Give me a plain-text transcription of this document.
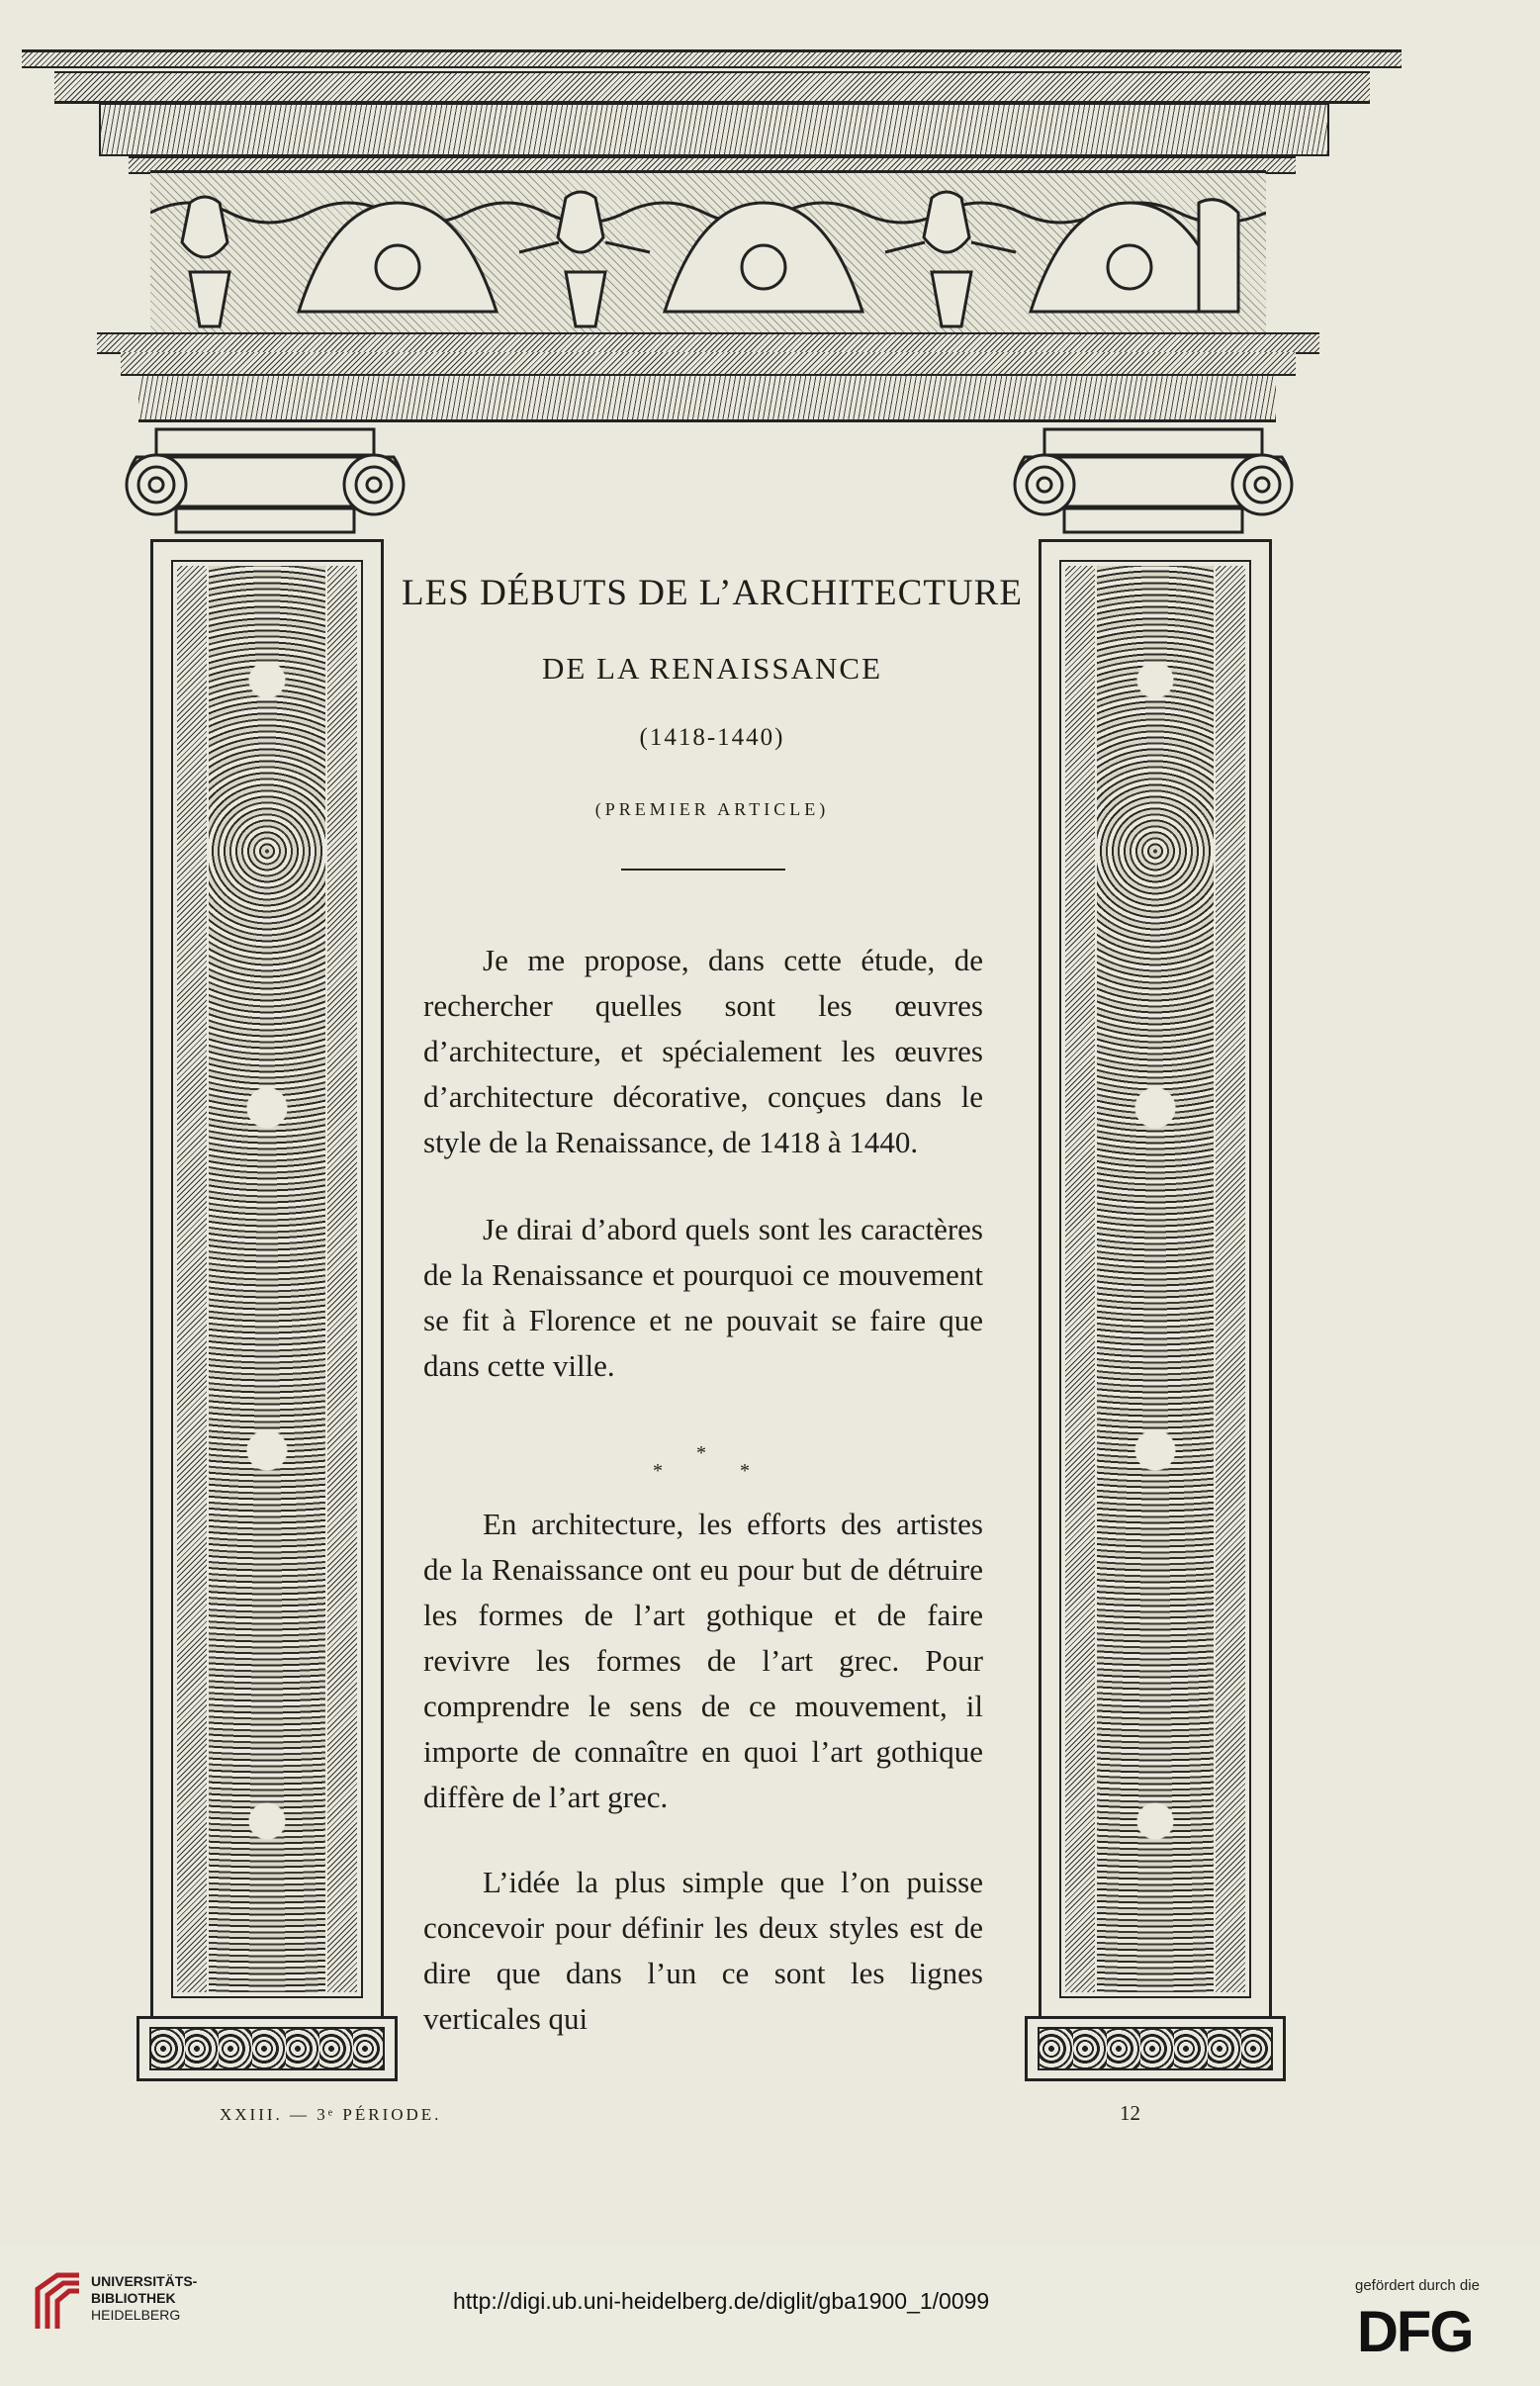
LES DÉBUTS DE L’ARCHITECTURE
DE LA RENAISSANCE
(1418-1440)
(PREMIER ARTICLE)

Je me propose, dans cette étude, de rechercher quelles sont les œuvres d’architecture, et spécialement les œuvres d’architecture décorative, conçues dans le style de la Renaissance, de 1418 à 1440.

Je dirai d’abord quels sont les caractères de la Renaissance et pourquoi ce mouvement se fit à Florence et ne pouvait se faire que dans cette ville.

*
*	*

En architecture, les efforts des artistes de la Renaissance ont eu pour but de détruire les formes de l’art gothique et de faire revivre les formes de l’art grec. Pour comprendre le sens de ce mouvement, il importe de connaître en quoi l’art gothique diffère de l’art grec.

L’idée la plus simple que l’on puisse concevoir pour définir les deux styles est de dire que dans l’un ce sont les lignes verticales qui

XXIII. — 3ᵉ PÉRIODE.	12
UNIVERSITÄTS-
BIBLIOTHEK
HEIDELBERG
http://digi.ub.uni-heidelberg.de/diglit/gba1900_1/0099
gefördert durch die
DFG
